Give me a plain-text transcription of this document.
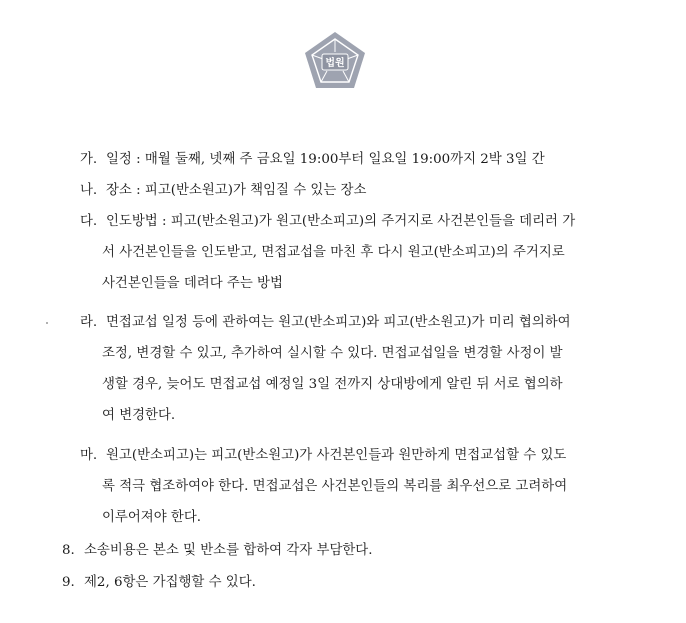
법원
가. 일정 : 매월 둘째, 넷째 주 금요일 19:00부터 일요일 19:00까지 2박 3일 간
나. 장소 : 피고(반소원고)가 책임질 수 있는 장소
다. 인도방법 : 피고(반소원고)가 원고(반소피고)의 주거지로 사건본인들을 데리러 가
서 사건본인들을 인도받고, 면접교섭을 마친 후 다시 원고(반소피고)의 주거지로
사건본인들을 데려다 주는 방법
라. 면접교섭 일정 등에 관하여는 원고(반소피고)와 피고(반소원고)가 미리 협의하여
조정, 변경할 수 있고, 추가하여 실시할 수 있다. 면접교섭일을 변경할 사정이 발
생할 경우, 늦어도 면접교섭 예정일 3일 전까지 상대방에게 알린 뒤 서로 협의하
여 변경한다.
마. 원고(반소피고)는 피고(반소원고)가 사건본인들과 원만하게 면접교섭할 수 있도
록 적극 협조하여야 한다. 면접교섭은 사건본인들의 복리를 최우선으로 고려하여
이루어져야 한다.
8. 소송비용은 본소 및 반소를 합하여 각자 부담한다.
9. 제2, 6항은 가집행할 수 있다.
